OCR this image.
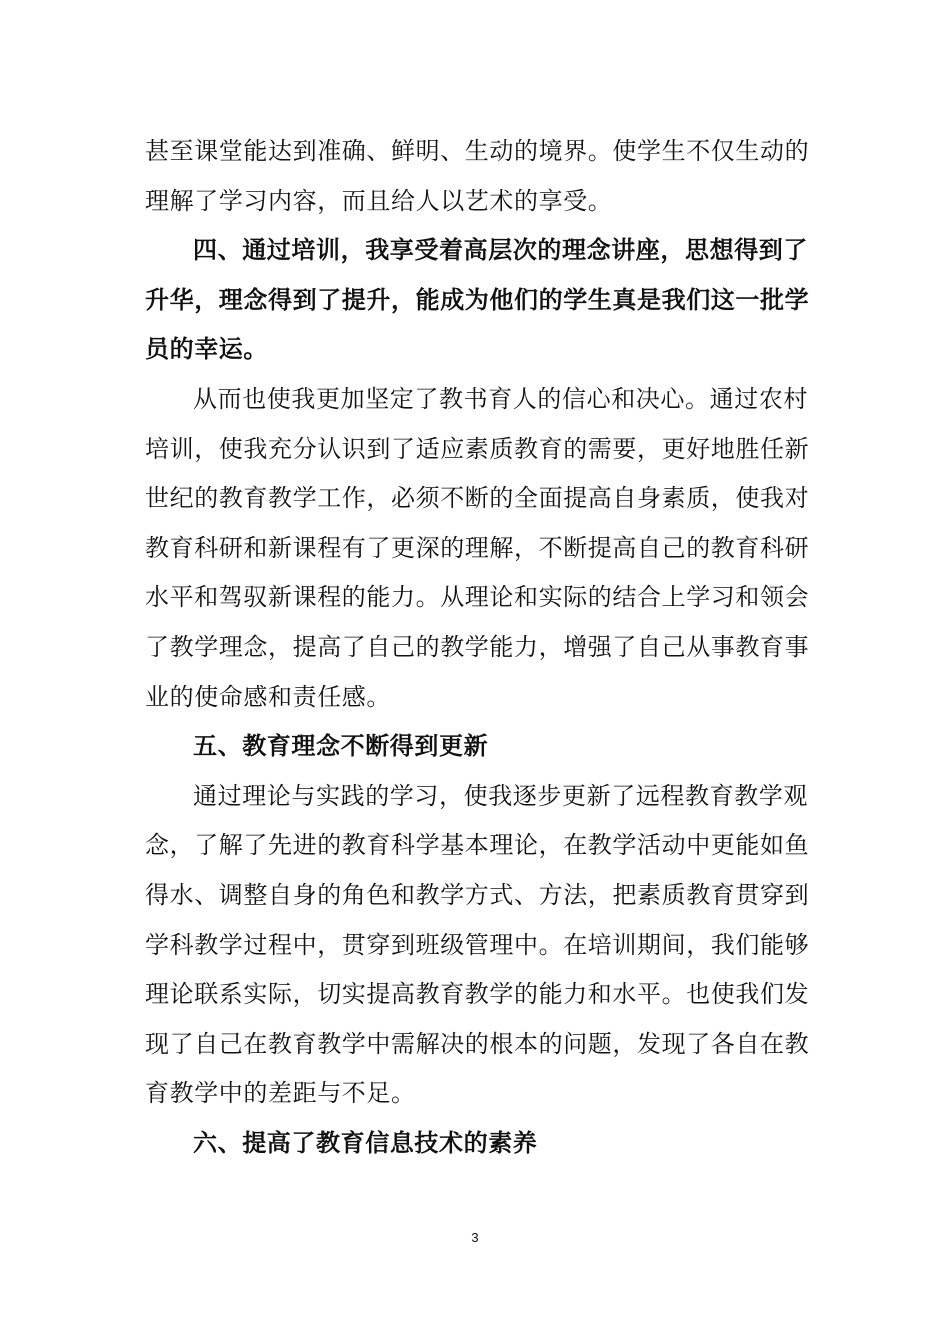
甚至课堂能达到准确、鲜明、生动的境界。使学生不仅生动的
理解了学习内容，而且给人以艺术的享受。
四、通过培训，我享受着高层次的理念讲座，思想得到了
升华，理念得到了提升，能成为他们的学生真是我们这一批学
员的幸运。
从而也使我更加坚定了教书育人的信心和决心。通过农村
培训，使我充分认识到了适应素质教育的需要，更好地胜任新
世纪的教育教学工作，必须不断的全面提高自身素质，使我对
教育科研和新课程有了更深的理解，不断提高自己的教育科研
水平和驾驭新课程的能力。从理论和实际的结合上学习和领会
了教学理念，提高了自己的教学能力，增强了自己从事教育事
业的使命感和责任感。
五、教育理念不断得到更新
通过理论与实践的学习，使我逐步更新了远程教育教学观
念，了解了先进的教育科学基本理论，在教学活动中更能如鱼
得水、调整自身的角色和教学方式、方法，把素质教育贯穿到
学科教学过程中，贯穿到班级管理中。在培训期间，我们能够
理论联系实际，切实提高教育教学的能力和水平。也使我们发
现了自己在教育教学中需解决的根本的问题，发现了各自在教
育教学中的差距与不足。
六、提高了教育信息技术的素养
3
